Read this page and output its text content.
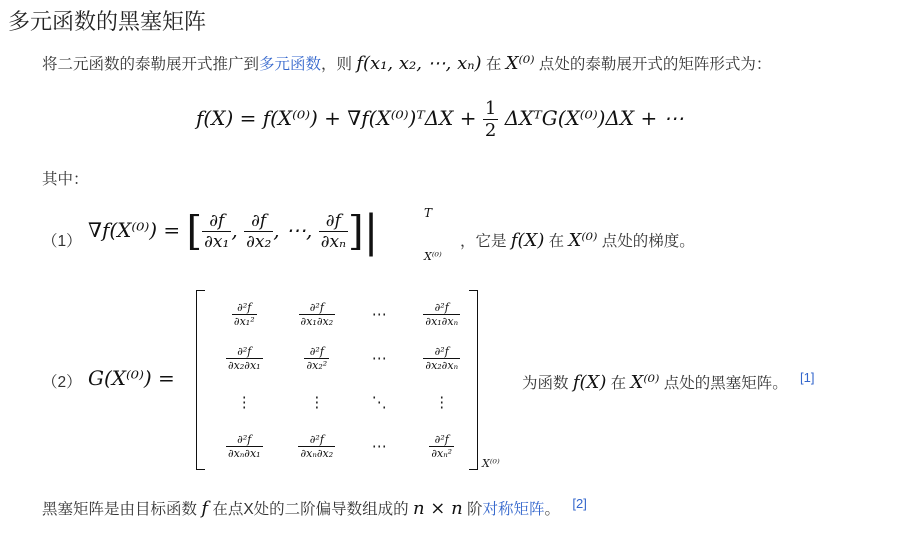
多元函数的黑塞矩阵
将二元函数的泰勒展开式推广到多元函数，则 f(x₁, x₂, ⋯, xₙ) 在 X⁽⁰⁾ 点处的泰勒展开式的矩阵形式为：
f(X) = f(X⁽⁰⁾) + ∇f(X⁽⁰⁾)ᵀΔX + $\frac{1}{2}$ ΔXᵀG(X⁽⁰⁾)ΔX + ⋯
其中：
（1） ∇f(X⁽⁰⁾) = [ $\frac{\partial f}{\text{∂x₁}}$ , $\frac{\partial f}{\text{∂x₂}}$ , ⋯, $\frac{\partial f}{\text{∂xₙ}}$ ]|	T
X⁽⁰⁾
，它是 f(X) 在 X⁽⁰⁾ 点处的梯度。
（2） G(X⁽⁰⁾) =
$\frac{\text{∂²f}}{\text{∂x₁²}}$	$\frac{\text{∂²f}}{\text{∂x₁∂x₂}}$	⋯	$\frac{\text{∂²f}}{\text{∂x₁∂xₙ}}$

$\frac{\text{∂²f}}{\text{∂x₂∂x₁}}$	$\frac{\text{∂²f}}{\text{∂x₂²}}$	⋯	$\frac{\text{∂²f}}{\text{∂x₂∂xₙ}}$

⋮	⋮	⋱	⋮

$\frac{\text{∂²f}}{\text{∂xₙ∂x₁}}$	$\frac{\text{∂²f}}{\text{∂xₙ∂x₂}}$	⋯	$\frac{\text{∂²f}}{\text{∂xₙ²}}$
X⁽⁰⁾
为函数 f(X) 在 X⁽⁰⁾ 点处的黑塞矩阵。 [1]
黑塞矩阵是由目标函数 f 在点X处的二阶偏导数组成的 n × n 阶对称矩阵。 [2]
